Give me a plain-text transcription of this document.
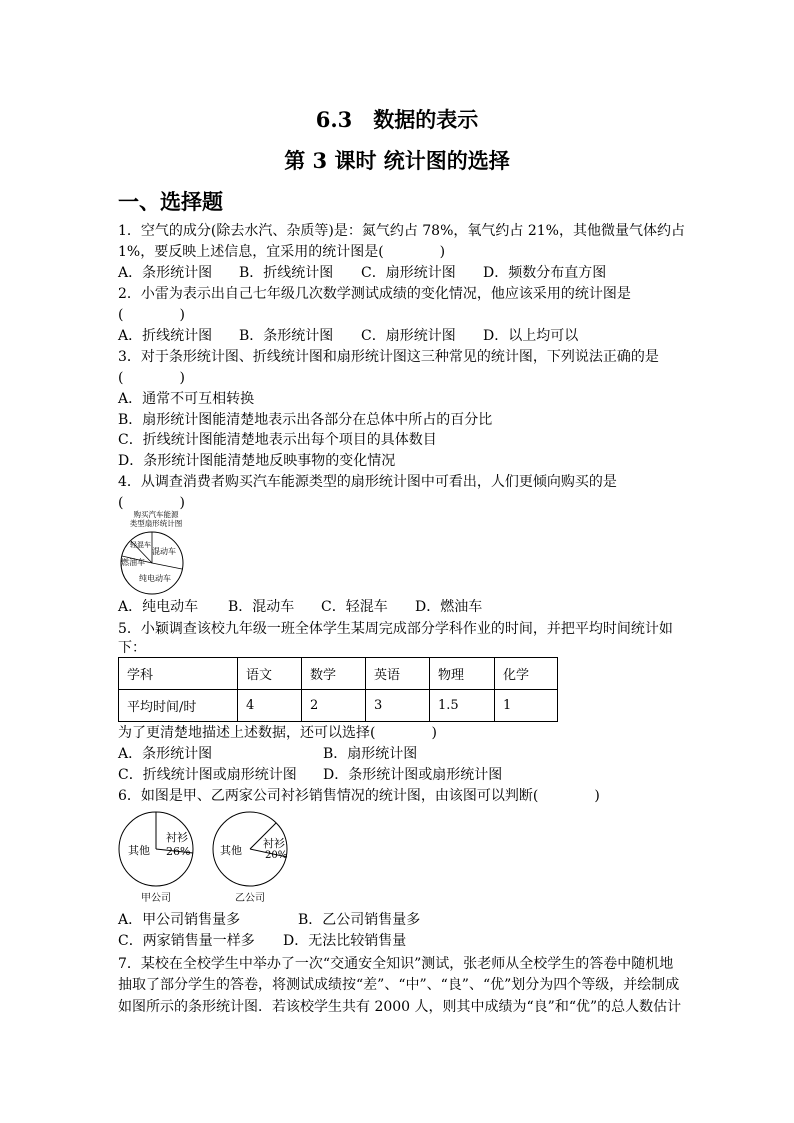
6.3　数据的表示
第 3 课时 统计图的选择
一、选择题
1．空气的成分(除去水汽、杂质等)是：氮气约占 78%，氧气约占 21%，其他微量气体约占
1%，要反映上述信息，宜采用的统计图是(　　　　)
A．条形统计图 B．折线统计图 C．扇形统计图 D．频数分布直方图
2．小雷为表示出自己七年级几次数学测试成绩的变化情况，他应该采用的统计图是
(　　　　)
A．折线统计图 B．条形统计图 C．扇形统计图 D．以上均可以
3．对于条形统计图、折线统计图和扇形统计图这三种常见的统计图，下列说法正确的是
(　　　　)
A．通常不可互相转换
B．扇形统计图能清楚地表示出各部分在总体中所占的百分比
C．折线统计图能清楚地表示出每个项目的具体数目
D．条形统计图能清楚地反映事物的变化情况
4．从调查消费者购买汽车能源类型的扇形统计图中可看出，人们更倾向购买的是
(　　　　)
购买汽车能源
类型扇形统计图
混动车
纯电动车
燃油车
轻混车
A．纯电动车 B．混动车 C．轻混车 D．燃油车
5．小颖调查该校九年级一班全体学生某周完成部分学科作业的时间，并把平均时间统计如
下：
学科	语文	数学	英语	物理	化学
平均时间/时	4	2	3	1.5	1
为了更清楚地描述上述数据，还可以选择(　　　　)
A．条形统计图	B．扇形统计图
C．折线统计图或扇形统计图 D．条形统计图或扇形统计图
6．如图是甲、乙两家公司衬衫销售情况的统计图，由该图可以判断(　　　　)
其他
衬衫
26%
甲公司
其他
衬衫
20%
乙公司
A．甲公司销售量多	B．乙公司销售量多
C．两家销售量一样多 D．无法比较销售量
7．某校在全校学生中举办了一次“交通安全知识”测试，张老师从全校学生的答卷中随机地
抽取了部分学生的答卷，将测试成绩按“差”、“中”、“良”、“优”划分为四个等级，并绘制成
如图所示的条形统计图．若该校学生共有 2000 人，则其中成绩为“良”和“优”的总人数估计
